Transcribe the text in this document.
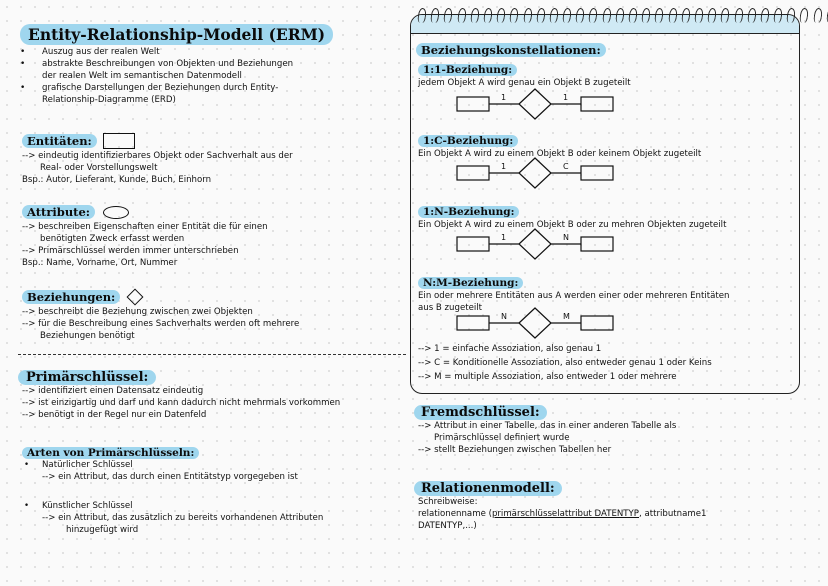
Entity-Relationship-Modell (ERM)
• Auszug aus der realen Welt
• abstrakte Beschreibungen von Objekten und Beziehungen
der realen Welt im semantischen Datenmodell
• grafische Darstellungen der Beziehungen durch Entity-
Relationship-Diagramme (ERD)
Entitäten:
--> eindeutig identifizierbares Objekt oder Sachverhalt aus der
Real- oder Vorstellungswelt
Bsp.: Autor, Lieferant, Kunde, Buch, Einhorn
Attribute:
--> beschreiben Eigenschaften einer Entität die für einen
benötigten Zweck erfasst werden
--> Primärschlüssel werden immer unterschrieben
Bsp.: Name, Vorname, Ort, Nummer
Beziehungen:
--> beschreibt die Beziehung zwischen zwei Objekten
--> für die Beschreibung eines Sachverhalts werden oft mehrere
Beziehungen benötigt
Primärschlüssel:
--> identifiziert einen Datensatz eindeutig
--> ist einzigartig und darf und kann dadurch nicht mehrmals vorkommen
--> benötigt in der Regel nur ein Datenfeld
Arten von Primärschlüsseln:
• Natürlicher Schlüssel
--> ein Attribut, das durch einen Entitätstyp vorgegeben ist
• Künstlicher Schlüssel
--> ein Attribut, das zusätzlich zu bereits vorhandenen Attributen
hinzugefügt wird
Beziehungskonstellationen:
1:1-Beziehung:
jedem Objekt A wird genau ein Objekt B zugeteilt
1	1
1:C-Beziehung:
Ein Objekt A wird zu einem Objekt B oder keinem Objekt zugeteilt
1	C
1:N-Beziehung:
Ein Objekt A wird zu einem Objekt B oder zu mehren Objekten zugeteilt
1	N
N:M-Beziehung:
Ein oder mehrere Entitäten aus A werden einer oder mehreren Entitäten
aus B zugeteilt
N	M
--> 1 = einfache Assoziation, also genau 1
--> C = Konditionelle Assoziation, also entweder genau 1 oder Keins
--> M = multiple Assoziation, also entweder 1 oder mehrere
Fremdschlüssel:
--> Attribut in einer Tabelle, das in einer anderen Tabelle als
Primärschlüssel definiert wurde
--> stellt Beziehungen zwischen Tabellen her
Relationenmodell:
Schreibweise:
relationenname (primärschlüsselattribut DATENTYP, attributname1
DATENTYP,...)
